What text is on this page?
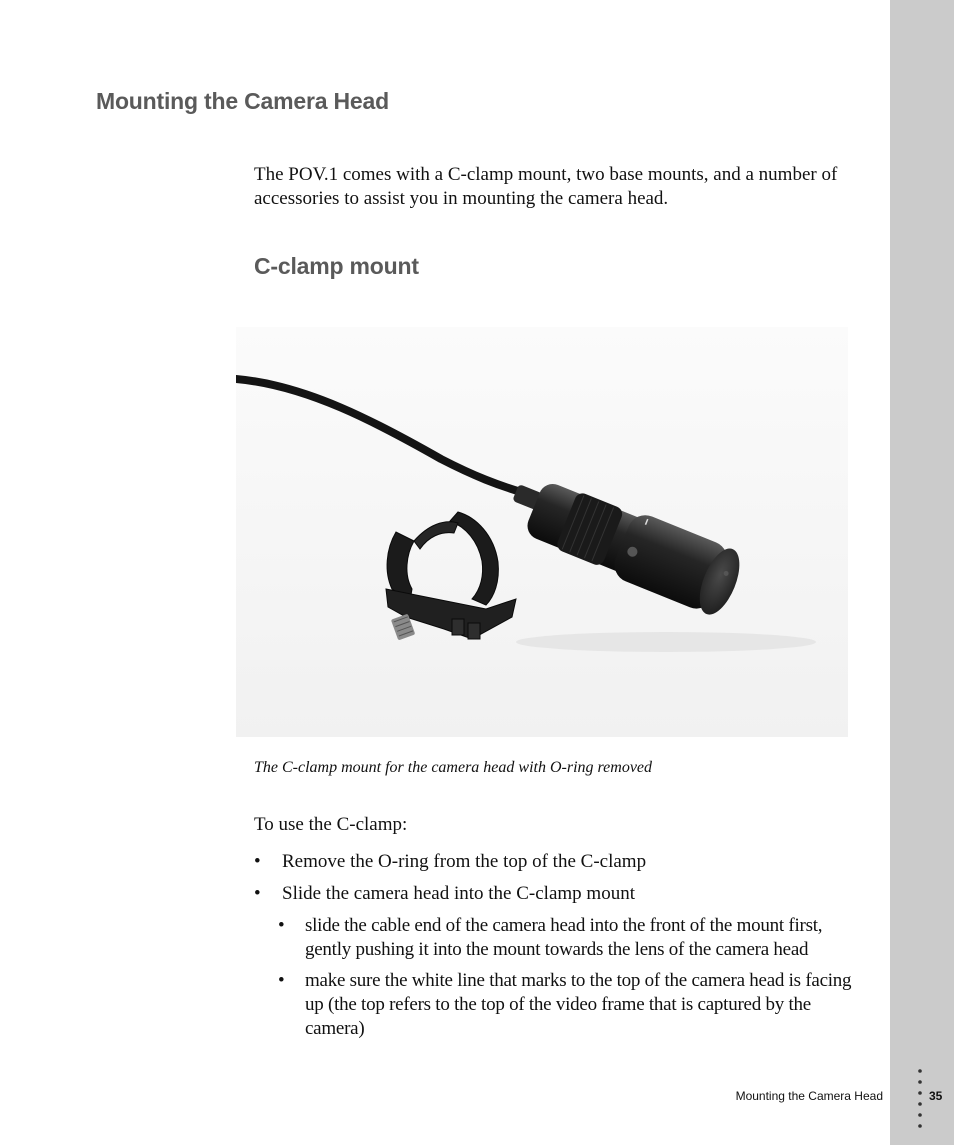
Mounting the Camera Head

The POV.1 comes with a C-clamp mount, two base mounts, and a number of accessories to assist you in mounting the camera head.

C-clamp mount

The C-clamp mount for the camera head with O-ring removed

To use the C-clamp:

•	Remove the O-ring from the top of the C-clamp
•	Slide the camera head into the C-clamp mount
•	slide the cable end of the camera head into the front of the mount first, gently pushing it into the mount towards the lens of the camera head
•	make sure the white line that marks to the top of the camera head is facing up (the top refers to the top of the video frame that is captured by the camera)
Mounting the Camera Head	35
